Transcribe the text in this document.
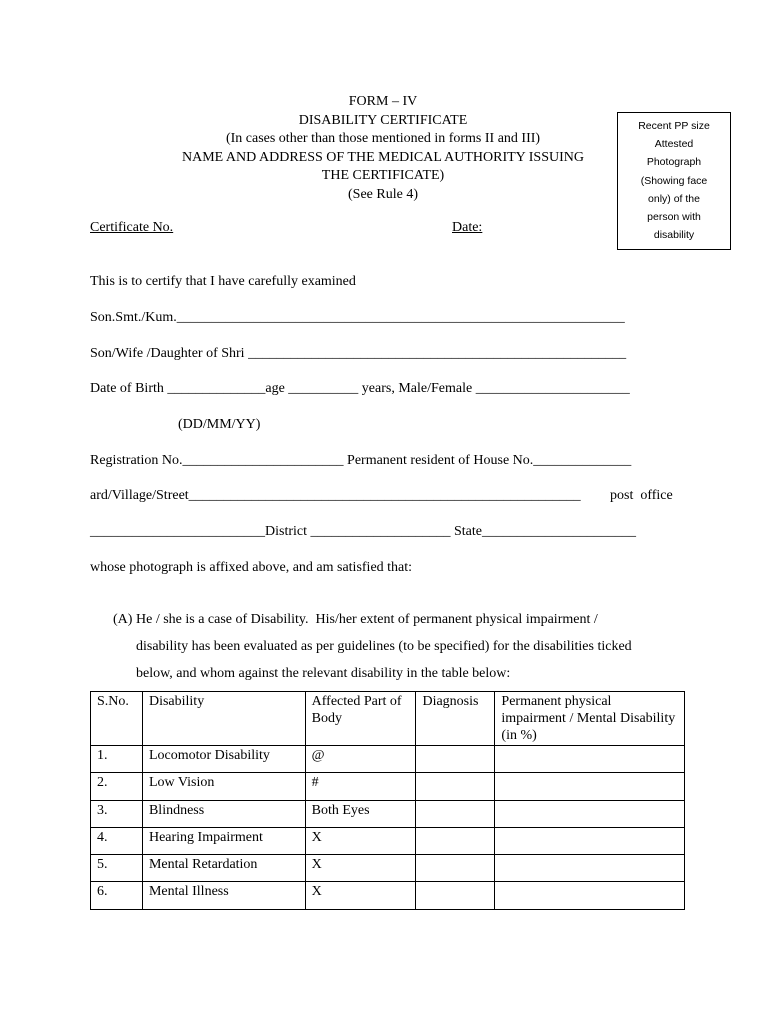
FORM – IV
DISABILITY CERTIFICATE
(In cases other than those mentioned in forms II and III)
NAME AND ADDRESS OF THE MEDICAL AUTHORITY ISSUING
THE CERTIFICATE)
(See Rule 4)
Recent PP size
Attested
Photograph
(Showing face
only) of the
person with
disability
Certificate No.	Date:
This is to certify that I have carefully examined
Son.Smt./Kum.________________________________________________________________
Son/Wife /Daughter of Shri ______________________________________________________
Date of Birth ______________age __________ years, Male/Female ______________________
(DD/MM/YY)
Registration No._______________________ Permanent resident of House No.______________
ard/Village/Street________________________________________________________ post  office
_________________________District ____________________ State______________________
whose photograph is affixed above, and am satisfied that:
(A) He / she is a case of Disability.  His/her extent of permanent physical impairment /
disability has been evaluated as per guidelines (to be specified) for the disabilities ticked
below, and whom against the relevant disability in the table below:
S.No.	Disability	Affected Part of Body	Diagnosis	Permanent physical impairment / Mental Disability (in %)
1.	Locomotor Disability	@		
2.	Low Vision	#		
3.	Blindness	Both Eyes		
4.	Hearing Impairment	X		
5.	Mental Retardation	X		
6.	Mental Illness	X		
